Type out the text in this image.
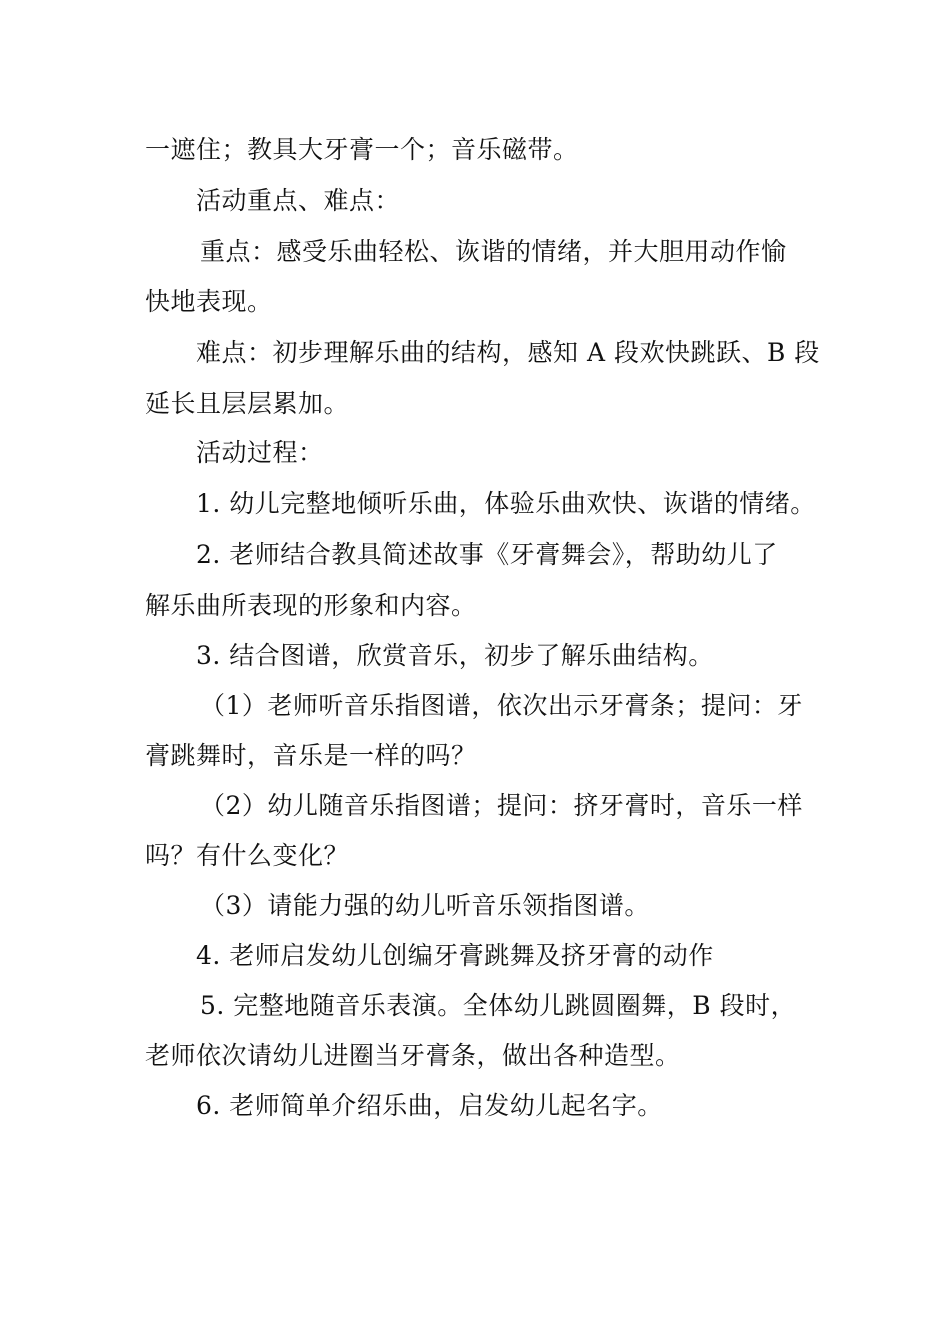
一遮住；教具大牙膏一个；音乐磁带。
活动重点、难点：
重点：感受乐曲轻松、诙谐的情绪，并大胆用动作愉
快地表现。
难点：初步理解乐曲的结构，感知 A 段欢快跳跃、B 段
延长且层层累加。
活动过程：
1. 幼儿完整地倾听乐曲，体验乐曲欢快、诙谐的情绪。
2. 老师结合教具简述故事《牙膏舞会》，帮助幼儿了
解乐曲所表现的形象和内容。
3. 结合图谱，欣赏音乐，初步了解乐曲结构。
（1）老师听音乐指图谱，依次出示牙膏条；提问：牙
膏跳舞时，音乐是一样的吗？
（2）幼儿随音乐指图谱；提问：挤牙膏时，音乐一样
吗？有什么变化？
（3）请能力强的幼儿听音乐领指图谱。
4. 老师启发幼儿创编牙膏跳舞及挤牙膏的动作
5. 完整地随音乐表演。全体幼儿跳圆圈舞，B 段时，
老师依次请幼儿进圈当牙膏条，做出各种造型。
6. 老师简单介绍乐曲，启发幼儿起名字。
